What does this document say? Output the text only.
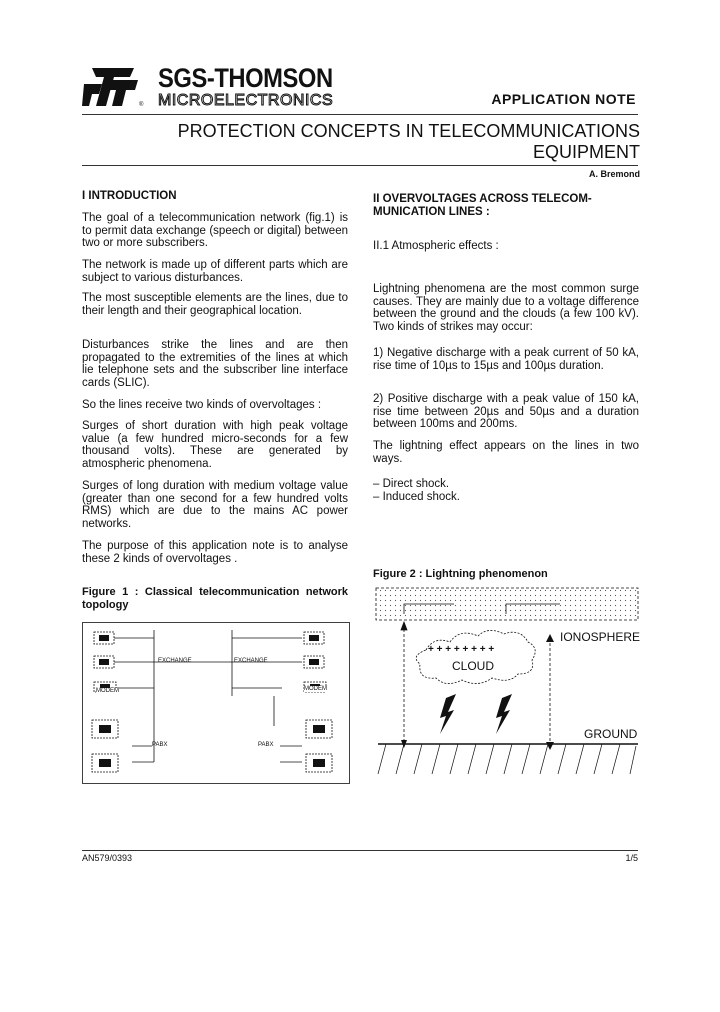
®
SGS-THOMSON
MICROELECTRONICS	APPLICATION NOTE
PROTECTION CONCEPTS IN TELECOMMUNICATIONS
EQUIPMENT
A. Bremond
I INTRODUCTION

The goal of a telecommunication network (fig.1) is to permit data exchange (speech or digital) between two or more subscribers.

The network is made up of different parts which are subject to various disturbances.

The most susceptible elements are the lines, due to their length and their geographical location.

Disturbances strike the lines and are then propagated to the extremities of the lines at which lie telephone sets and the subscriber line interface cards (SLIC).

So the lines receive two kinds of overvoltages :

Surges of short duration with high peak voltage value (a few hundred micro-seconds for a few thousand volts). These are generated by atmospheric phenomena.

Surges of long duration with medium voltage value (greater than one second for a few hundred volts RMS) which are due to the mains AC power networks.

The purpose of this application note is to analyse these 2 kinds of overvoltages .

Figure 1 : Classical telecommunication network topology
EXCHANGE	EXCHANGE
MODEM	MODEM
PABX	PABX
II OVERVOLTAGES ACROSS TELECOM-MUNICATION LINES :

II.1 Atmospheric effects :

Lightning phenomena are the most common surge causes. They are mainly due to a voltage difference between the ground and the clouds (a few 100 kV). Two kinds of strikes may occur:

1) Negative discharge with a peak current of 50 kA, rise time of 10µs to 15µs and 100µs duration.

2) Positive discharge with a peak value of 150 kA, rise time between 20µs and 50µs and a duration between 100ms and 200ms.

The lightning effect appears on the lines in two ways.

– Direct shock.

– Induced shock.

Figure 2 : Lightning phenomenon
IONOSPHERE
+ + + + + + + +
CLOUD
GROUND
AN579/0393	1/5
